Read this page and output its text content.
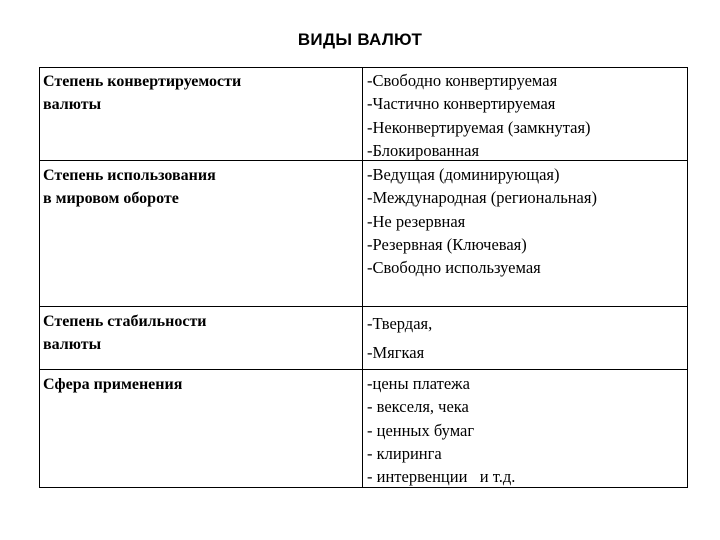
ВИДЫ ВАЛЮТ
Степень конвертируемости
валюты
-Свободно конвертируемая
-Частично конвертируемая
-Неконвертируемая (замкнутая)
-Блокированная
Степень использования
в мировом обороте
-Ведущая (доминирующая)
-Международная (региональная)
-Не резервная
-Резервная (Ключевая)
-Свободно используемая
Степень стабильности
валюты
-Твердая,
-Мягкая
Сфера применения	-цены платежа
- векселя, чека
- ценных бумаг
- клиринга
- интервенции   и т.д.
